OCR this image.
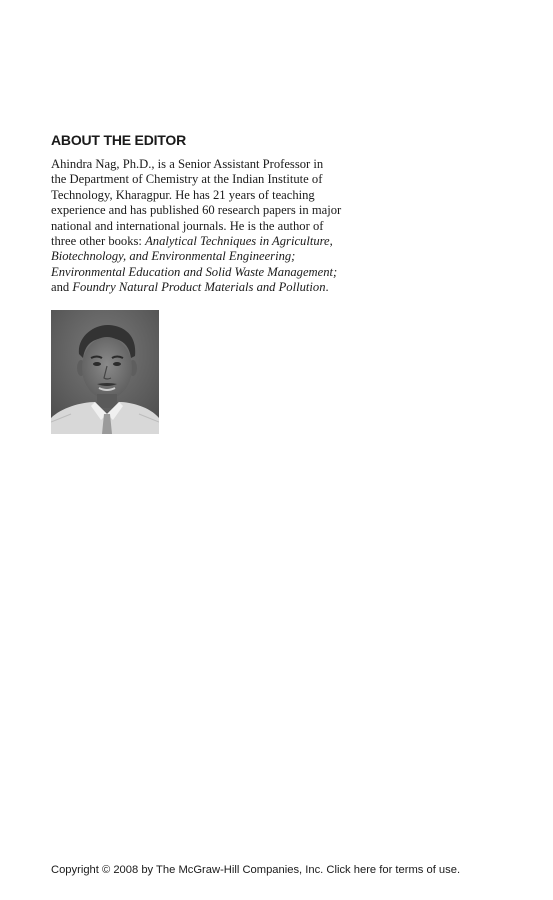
ABOUT THE EDITOR

Ahindra Nag, Ph.D., is a Senior Assistant Professor in
the Department of Chemistry at the Indian Institute of
Technology, Kharagpur. He has 21 years of teaching
experience and has published 60 research papers in major
national and international journals. He is the author of
three other books: Analytical Techniques in Agriculture,
Biotechnology, and Environmental Engineering;
Environmental Education and Solid Waste Management;
and Foundry Natural Product Materials and Pollution.

Copyright © 2008 by The McGraw-Hill Companies, Inc. Click here for terms of use.
